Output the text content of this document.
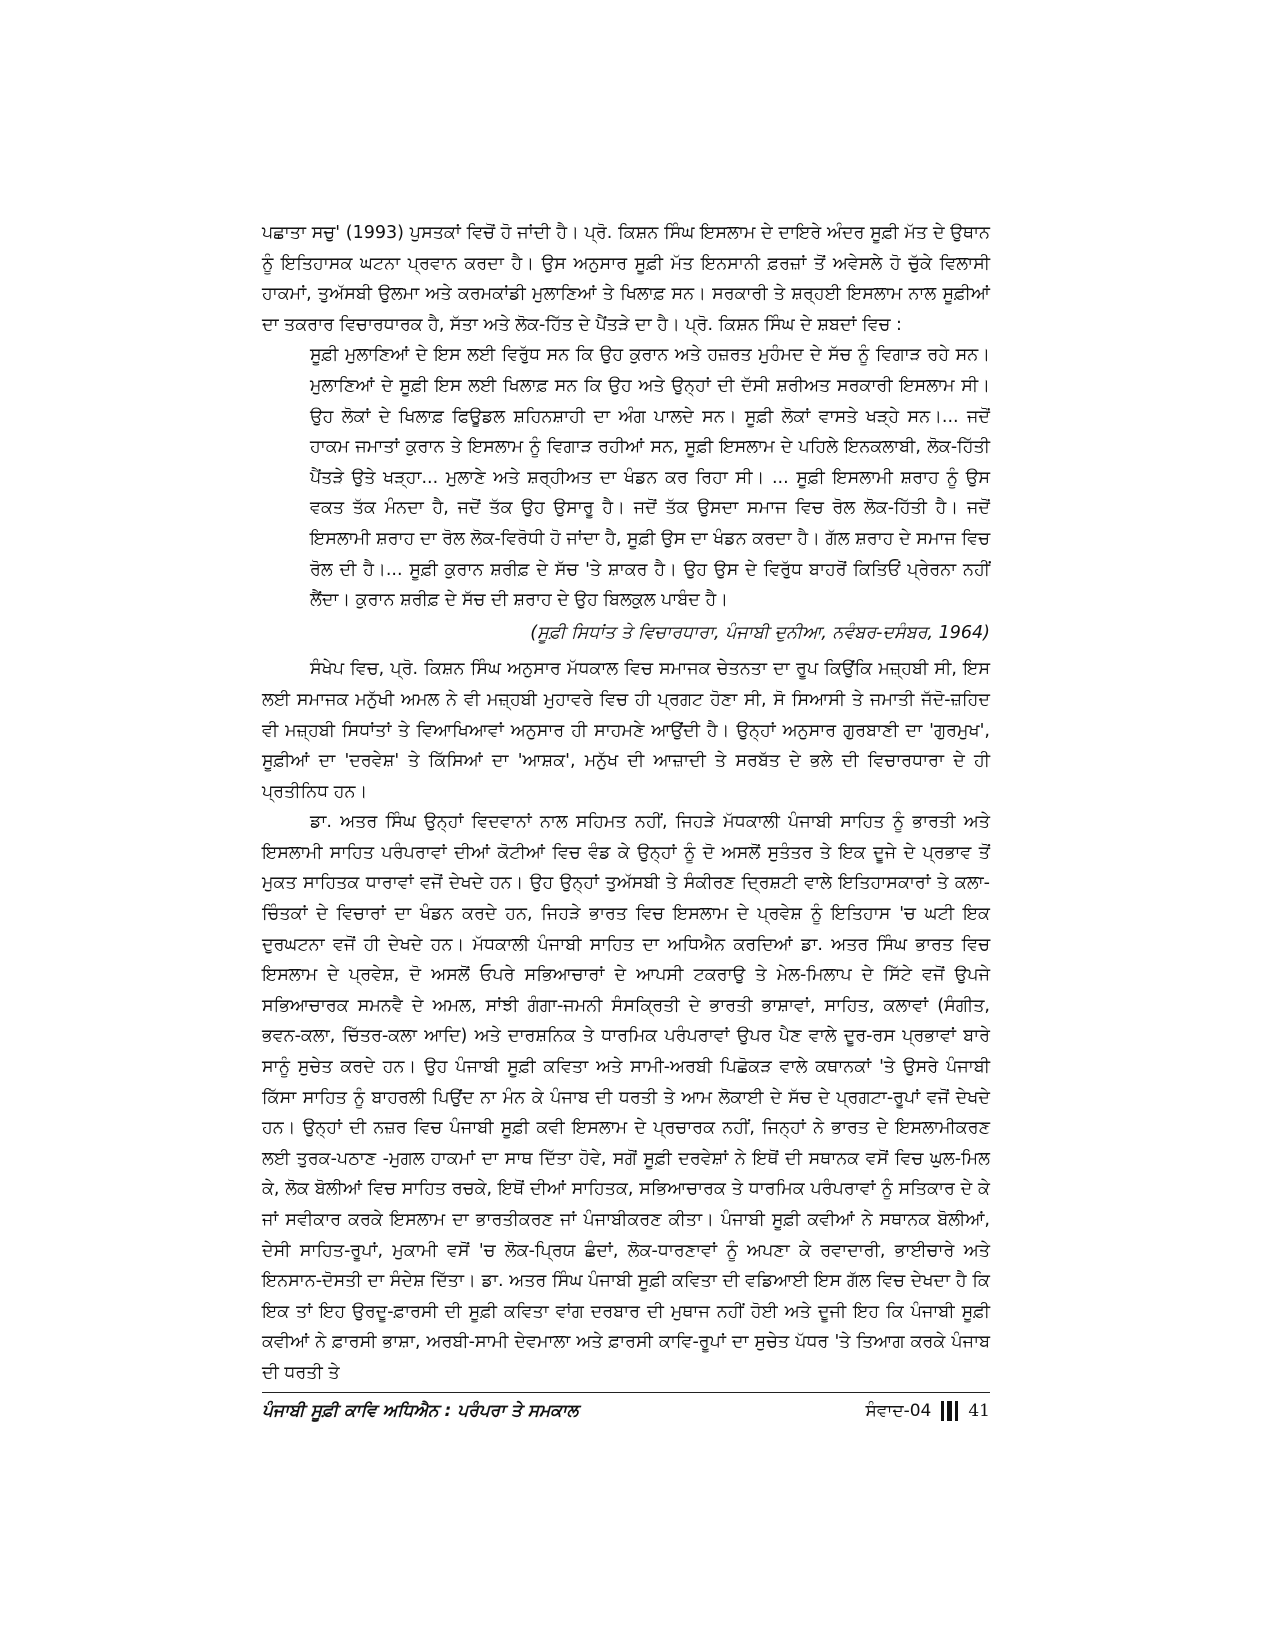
ਪਛਾਤਾ ਸਚੁ' (1993) ਪੁਸਤਕਾਂ ਵਿਚੋਂ ਹੋ ਜਾਂਦੀ ਹੈ। ਪ੍ਰੋ. ਕਿਸ਼ਨ ਸਿੰਘ ਇਸਲਾਮ ਦੇ ਦਾਇਰੇ ਅੰਦਰ ਸੂਫ਼ੀ ਮੱਤ ਦੇ ਉਥਾਨ ਨੂੰ ਇਤਿਹਾਸਕ ਘਟਨਾ ਪ੍ਰਵਾਨ ਕਰਦਾ ਹੈ। ਉਸ ਅਨੁਸਾਰ ਸੂਫ਼ੀ ਮੱਤ ਇਨਸਾਨੀ ਫ਼ਰਜ਼ਾਂ ਤੋਂ ਅਵੇਸਲੇ ਹੋ ਚੁੱਕੇ ਵਿਲਾਸੀ ਹਾਕਮਾਂ, ਤੁਅੱਸਬੀ ਉਲਮਾ ਅਤੇ ਕਰਮਕਾਂਡੀ ਮੁਲਾਣਿਆਂ ਤੇ ਖਿਲਾਫ਼ ਸਨ। ਸਰਕਾਰੀ ਤੇ ਸ਼ਰ੍ਹਈ ਇਸਲਾਮ ਨਾਲ ਸੂਫ਼ੀਆਂ ਦਾ ਤਕਰਾਰ ਵਿਚਾਰਧਾਰਕ ਹੈ, ਸੱਤਾ ਅਤੇ ਲੋਕ-ਹਿੱਤ ਦੇ ਪੈਂਤੜੇ ਦਾ ਹੈ। ਪ੍ਰੋ. ਕਿਸ਼ਨ ਸਿੰਘ ਦੇ ਸ਼ਬਦਾਂ ਵਿਚ :

ਸੂਫ਼ੀ ਮੁਲਾਣਿਆਂ ਦੇ ਇਸ ਲਈ ਵਿਰੁੱਧ ਸਨ ਕਿ ਉਹ ਕੁਰਾਨ ਅਤੇ ਹਜ਼ਰਤ ਮੁਹੰਮਦ ਦੇ ਸੱਚ ਨੂੰ ਵਿਗਾੜ ਰਹੇ ਸਨ। ਮੁਲਾਣਿਆਂ ਦੇ ਸੂਫ਼ੀ ਇਸ ਲਈ ਖਿਲਾਫ਼ ਸਨ ਕਿ ਉਹ ਅਤੇ ਉਨ੍ਹਾਂ ਦੀ ਦੱਸੀ ਸ਼ਰੀਅਤ ਸਰਕਾਰੀ ਇਸਲਾਮ ਸੀ। ਉਹ ਲੋਕਾਂ ਦੇ ਖਿਲਾਫ਼ ਫਿਊਡਲ ਸ਼ਹਿਨਸ਼ਾਹੀ ਦਾ ਅੰਗ ਪਾਲਦੇ ਸਨ। ਸੂਫ਼ੀ ਲੋਕਾਂ ਵਾਸਤੇ ਖੜ੍ਹੇ ਸਨ।... ਜਦੋਂ ਹਾਕਮ ਜਮਾਤਾਂ ਕੁਰਾਨ ਤੇ ਇਸਲਾਮ ਨੂੰ ਵਿਗਾੜ ਰਹੀਆਂ ਸਨ, ਸੂਫ਼ੀ ਇਸਲਾਮ ਦੇ ਪਹਿਲੇ ਇਨਕਲਾਬੀ, ਲੋਕ-ਹਿੱਤੀ ਪੈਂਤੜੇ ਉਤੇ ਖੜ੍ਹਾ... ਮੁਲਾਣੇ ਅਤੇ ਸ਼ਰ੍ਹੀਅਤ ਦਾ ਖੰਡਨ ਕਰ ਰਿਹਾ ਸੀ। ... ਸੂਫ਼ੀ ਇਸਲਾਮੀ ਸ਼ਰਾਹ ਨੂੰ ਉਸ ਵਕਤ ਤੱਕ ਮੰਨਦਾ ਹੈ, ਜਦੋਂ ਤੱਕ ਉਹ ਉਸਾਰੂ ਹੈ। ਜਦੋਂ ਤੱਕ ਉਸਦਾ ਸਮਾਜ ਵਿਚ ਰੋਲ ਲੋਕ-ਹਿੱਤੀ ਹੈ। ਜਦੋਂ ਇਸਲਾਮੀ ਸ਼ਰਾਹ ਦਾ ਰੋਲ ਲੋਕ-ਵਿਰੋਧੀ ਹੋ ਜਾਂਦਾ ਹੈ, ਸੂਫ਼ੀ ਉਸ ਦਾ ਖੰਡਨ ਕਰਦਾ ਹੈ। ਗੱਲ ਸ਼ਰਾਹ ਦੇ ਸਮਾਜ ਵਿਚ ਰੋਲ ਦੀ ਹੈ।... ਸੂਫ਼ੀ ਕੁਰਾਨ ਸ਼ਰੀਫ਼ ਦੇ ਸੱਚ 'ਤੇ ਸ਼ਾਕਰ ਹੈ। ਉਹ ਉਸ ਦੇ ਵਿਰੁੱਧ ਬਾਹਰੋਂ ਕਿਤਿਓਂ ਪ੍ਰੇਰਨਾ ਨਹੀਂ ਲੈਂਦਾ। ਕੁਰਾਨ ਸ਼ਰੀਫ਼ ਦੇ ਸੱਚ ਦੀ ਸ਼ਰਾਹ ਦੇ ਉਹ ਬਿਲਕੁਲ ਪਾਬੰਦ ਹੈ।

(ਸੂਫ਼ੀ ਸਿਧਾਂਤ ਤੇ ਵਿਚਾਰਧਾਰਾ, ਪੰਜਾਬੀ ਦੁਨੀਆ, ਨਵੰਬਰ-ਦਸੰਬਰ, 1964)

ਸੰਖੇਪ ਵਿਚ, ਪ੍ਰੋ. ਕਿਸ਼ਨ ਸਿੰਘ ਅਨੁਸਾਰ ਮੱਧਕਾਲ ਵਿਚ ਸਮਾਜਕ ਚੇਤਨਤਾ ਦਾ ਰੂਪ ਕਿਉਂਕਿ ਮਜ਼੍ਹਬੀ ਸੀ, ਇਸ ਲਈ ਸਮਾਜਕ ਮਨੁੱਖੀ ਅਮਲ ਨੇ ਵੀ ਮਜ਼੍ਹਬੀ ਮੁਹਾਵਰੇ ਵਿਚ ਹੀ ਪ੍ਰਗਟ ਹੋਣਾ ਸੀ, ਸੋ ਸਿਆਸੀ ਤੇ ਜਮਾਤੀ ਜੱਦੋ-ਜ਼ਹਿਦ ਵੀ ਮਜ਼੍ਹਬੀ ਸਿਧਾਂਤਾਂ ਤੇ ਵਿਆਖਿਆਵਾਂ ਅਨੁਸਾਰ ਹੀ ਸਾਹਮਣੇ ਆਉਂਦੀ ਹੈ। ਉਨ੍ਹਾਂ ਅਨੁਸਾਰ ਗੁਰਬਾਣੀ ਦਾ 'ਗੁਰਮੁਖ', ਸੂਫ਼ੀਆਂ ਦਾ 'ਦਰਵੇਸ਼' ਤੇ ਕਿੱਸਿਆਂ ਦਾ 'ਆਸ਼ਕ', ਮਨੁੱਖ ਦੀ ਆਜ਼ਾਦੀ ਤੇ ਸਰਬੱਤ ਦੇ ਭਲੇ ਦੀ ਵਿਚਾਰਧਾਰਾ ਦੇ ਹੀ ਪ੍ਰਤੀਨਿਧ ਹਨ।

ਡਾ. ਅਤਰ ਸਿੰਘ ਉਨ੍ਹਾਂ ਵਿਦਵਾਨਾਂ ਨਾਲ ਸਹਿਮਤ ਨਹੀਂ, ਜਿਹੜੇ ਮੱਧਕਾਲੀ ਪੰਜਾਬੀ ਸਾਹਿਤ ਨੂੰ ਭਾਰਤੀ ਅਤੇ ਇਸਲਾਮੀ ਸਾਹਿਤ ਪਰੰਪਰਾਵਾਂ ਦੀਆਂ ਕੋਟੀਆਂ ਵਿਚ ਵੰਡ ਕੇ ਉਨ੍ਹਾਂ ਨੂੰ ਦੋ ਅਸਲੋਂ ਸੁਤੰਤਰ ਤੇ ਇਕ ਦੂਜੇ ਦੇ ਪ੍ਰਭਾਵ ਤੋਂ ਮੁਕਤ ਸਾਹਿਤਕ ਧਾਰਾਵਾਂ ਵਜੋਂ ਦੇਖਦੇ ਹਨ। ਉਹ ਉਨ੍ਹਾਂ ਤੁਅੱਸਬੀ ਤੇ ਸੰਕੀਰਣ ਦ੍ਰਿਸ਼ਟੀ ਵਾਲੇ ਇਤਿਹਾਸਕਾਰਾਂ ਤੇ ਕਲਾ-ਚਿੰਤਕਾਂ ਦੇ ਵਿਚਾਰਾਂ ਦਾ ਖੰਡਨ ਕਰਦੇ ਹਨ, ਜਿਹੜੇ ਭਾਰਤ ਵਿਚ ਇਸਲਾਮ ਦੇ ਪ੍ਰਵੇਸ਼ ਨੂੰ ਇਤਿਹਾਸ 'ਚ ਘਟੀ ਇਕ ਦੁਰਘਟਨਾ ਵਜੋਂ ਹੀ ਦੇਖਦੇ ਹਨ। ਮੱਧਕਾਲੀ ਪੰਜਾਬੀ ਸਾਹਿਤ ਦਾ ਅਧਿਐਨ ਕਰਦਿਆਂ ਡਾ. ਅਤਰ ਸਿੰਘ ਭਾਰਤ ਵਿਚ ਇਸਲਾਮ ਦੇ ਪ੍ਰਵੇਸ਼, ਦੋ ਅਸਲੋਂ ਓਪਰੇ ਸਭਿਆਚਾਰਾਂ ਦੇ ਆਪਸੀ ਟਕਰਾਉ ਤੇ ਮੇਲ-ਮਿਲਾਪ ਦੇ ਸਿੱਟੇ ਵਜੋਂ ਉਪਜੇ ਸਭਿਆਚਾਰਕ ਸਮਨਵੈ ਦੇ ਅਮਲ, ਸਾਂਝੀ ਗੰਗਾ-ਜਮਨੀ ਸੰਸਕ੍ਰਿਤੀ ਦੇ ਭਾਰਤੀ ਭਾਸ਼ਾਵਾਂ, ਸਾਹਿਤ, ਕਲਾਵਾਂ (ਸੰਗੀਤ, ਭਵਨ-ਕਲਾ, ਚਿੱਤਰ-ਕਲਾ ਆਦਿ) ਅਤੇ ਦਾਰਸ਼ਨਿਕ ਤੇ ਧਾਰਮਿਕ ਪਰੰਪਰਾਵਾਂ ਉਪਰ ਪੈਣ ਵਾਲੇ ਦੂਰ-ਰਸ ਪ੍ਰਭਾਵਾਂ ਬਾਰੇ ਸਾਨੂੰ ਸੁਚੇਤ ਕਰਦੇ ਹਨ। ਉਹ ਪੰਜਾਬੀ ਸੂਫ਼ੀ ਕਵਿਤਾ ਅਤੇ ਸਾਮੀ-ਅਰਬੀ ਪਿਛੋਕੜ ਵਾਲੇ ਕਥਾਨਕਾਂ 'ਤੇ ਉਸਰੇ ਪੰਜਾਬੀ ਕਿੱਸਾ ਸਾਹਿਤ ਨੂੰ ਬਾਹਰਲੀ ਪਿਉਂਦ ਨਾ ਮੰਨ ਕੇ ਪੰਜਾਬ ਦੀ ਧਰਤੀ ਤੇ ਆਮ ਲੋਕਾਈ ਦੇ ਸੱਚ ਦੇ ਪ੍ਰਗਟਾ-ਰੂਪਾਂ ਵਜੋਂ ਦੇਖਦੇ ਹਨ। ਉਨ੍ਹਾਂ ਦੀ ਨਜ਼ਰ ਵਿਚ ਪੰਜਾਬੀ ਸੂਫ਼ੀ ਕਵੀ ਇਸਲਾਮ ਦੇ ਪ੍ਰਚਾਰਕ ਨਹੀਂ, ਜਿਨ੍ਹਾਂ ਨੇ ਭਾਰਤ ਦੇ ਇਸਲਾਮੀਕਰਣ ਲਈ ਤੁਰਕ-ਪਠਾਣ -ਮੁਗਲ ਹਾਕਮਾਂ ਦਾ ਸਾਥ ਦਿੱਤਾ ਹੋਵੇ, ਸਗੋਂ ਸੂਫ਼ੀ ਦਰਵੇਸ਼ਾਂ ਨੇ ਇਥੋਂ ਦੀ ਸਥਾਨਕ ਵਸੋਂ ਵਿਚ ਘੁਲ-ਮਿਲ ਕੇ, ਲੋਕ ਬੋਲੀਆਂ ਵਿਚ ਸਾਹਿਤ ਰਚਕੇ, ਇਥੋਂ ਦੀਆਂ ਸਾਹਿਤਕ, ਸਭਿਆਚਾਰਕ ਤੇ ਧਾਰਮਿਕ ਪਰੰਪਰਾਵਾਂ ਨੂੰ ਸਤਿਕਾਰ ਦੇ ਕੇ ਜਾਂ ਸਵੀਕਾਰ ਕਰਕੇ ਇਸਲਾਮ ਦਾ ਭਾਰਤੀਕਰਣ ਜਾਂ ਪੰਜਾਬੀਕਰਣ ਕੀਤਾ। ਪੰਜਾਬੀ ਸੂਫ਼ੀ ਕਵੀਆਂ ਨੇ ਸਥਾਨਕ ਬੋਲੀਆਂ, ਦੇਸੀ ਸਾਹਿਤ-ਰੂਪਾਂ, ਮੁਕਾਮੀ ਵਸੋਂ 'ਚ ਲੋਕ-ਪ੍ਰਿਯ ਛੰਦਾਂ, ਲੋਕ-ਧਾਰਣਾਵਾਂ ਨੂੰ ਅਪਣਾ ਕੇ ਰਵਾਦਾਰੀ, ਭਾਈਚਾਰੇ ਅਤੇ ਇਨਸਾਨ-ਦੋਸਤੀ ਦਾ ਸੰਦੇਸ਼ ਦਿੱਤਾ। ਡਾ. ਅਤਰ ਸਿੰਘ ਪੰਜਾਬੀ ਸੂਫ਼ੀ ਕਵਿਤਾ ਦੀ ਵਡਿਆਈ ਇਸ ਗੱਲ ਵਿਚ ਦੇਖਦਾ ਹੈ ਕਿ ਇਕ ਤਾਂ ਇਹ ਉਰਦੂ-ਫ਼ਾਰਸੀ ਦੀ ਸੂਫ਼ੀ ਕਵਿਤਾ ਵਾਂਗ ਦਰਬਾਰ ਦੀ ਮੁਥਾਜ ਨਹੀਂ ਹੋਈ ਅਤੇ ਦੂਜੀ ਇਹ ਕਿ ਪੰਜਾਬੀ ਸੂਫ਼ੀ ਕਵੀਆਂ ਨੇ ਫ਼ਾਰਸੀ ਭਾਸ਼ਾ, ਅਰਬੀ-ਸਾਮੀ ਦੇਵਮਾਲਾ ਅਤੇ ਫ਼ਾਰਸੀ ਕਾਵਿ-ਰੂਪਾਂ ਦਾ ਸੁਚੇਤ ਪੱਧਰ 'ਤੇ ਤਿਆਗ ਕਰਕੇ ਪੰਜਾਬ ਦੀ ਧਰਤੀ ਤੇ

ਪੰਜਾਬੀ ਸੂਫ਼ੀ ਕਾਵਿ ਅਧਿਐਨ : ਪਰੰਪਰਾ ਤੇ ਸਮਕਾਲ	ਸੰਵਾਦ-04 41
